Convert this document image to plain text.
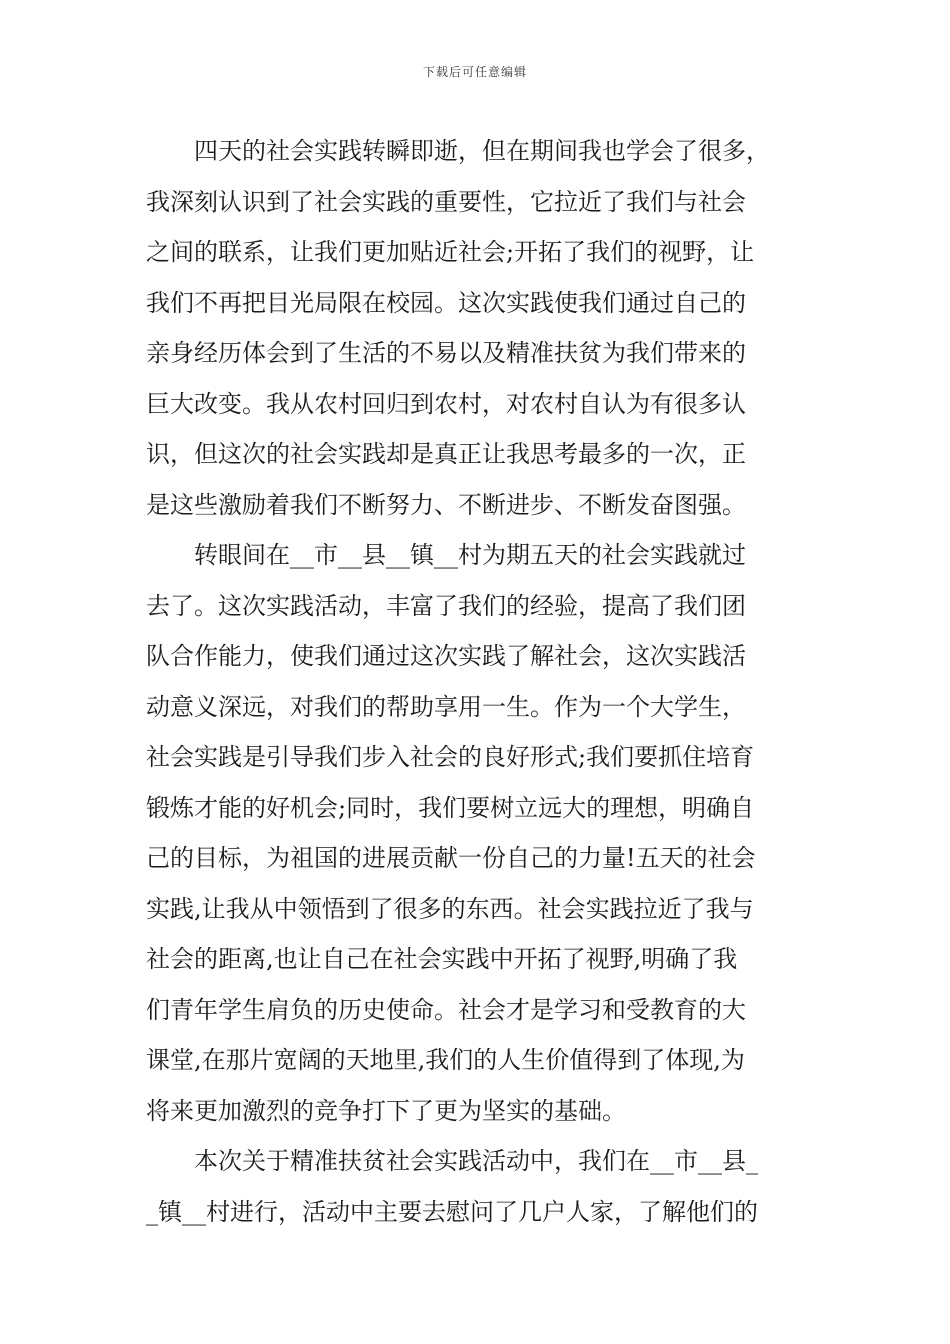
下载后可任意编辑
四天的社会实践转瞬即逝，但在期间我也学会了很多，
我深刻认识到了社会实践的重要性，它拉近了我们与社会
之间的联系，让我们更加贴近社会;开拓了我们的视野，让
我们不再把目光局限在校园。这次实践使我们通过自己的
亲身经历体会到了生活的不易以及精准扶贫为我们带来的
巨大改变。我从农村回归到农村，对农村自认为有很多认
识，但这次的社会实践却是真正让我思考最多的一次，正
是这些激励着我们不断努力、不断进步、不断发奋图强。
转眼间在__市__县__镇__村为期五天的社会实践就过
去了。这次实践活动，丰富了我们的经验，提高了我们团
队合作能力，使我们通过这次实践了解社会，这次实践活
动意义深远，对我们的帮助享用一生。作为一个大学生，
社会实践是引导我们步入社会的良好形式;我们要抓住培育
锻炼才能的好机会;同时，我们要树立远大的理想，明确自
己的目标，为祖国的进展贡献一份自己的力量!五天的社会
实践,让我从中领悟到了很多的东西。社会实践拉近了我与
社会的距离,也让自己在社会实践中开拓了视野,明确了我
们青年学生肩负的历史使命。社会才是学习和受教育的大
课堂,在那片宽阔的天地里,我们的人生价值得到了体现,为
将来更加激烈的竞争打下了更为坚实的基础。
本次关于精准扶贫社会实践活动中，我们在__市__县_
_镇__村进行，活动中主要去慰问了几户人家，了解他们的
